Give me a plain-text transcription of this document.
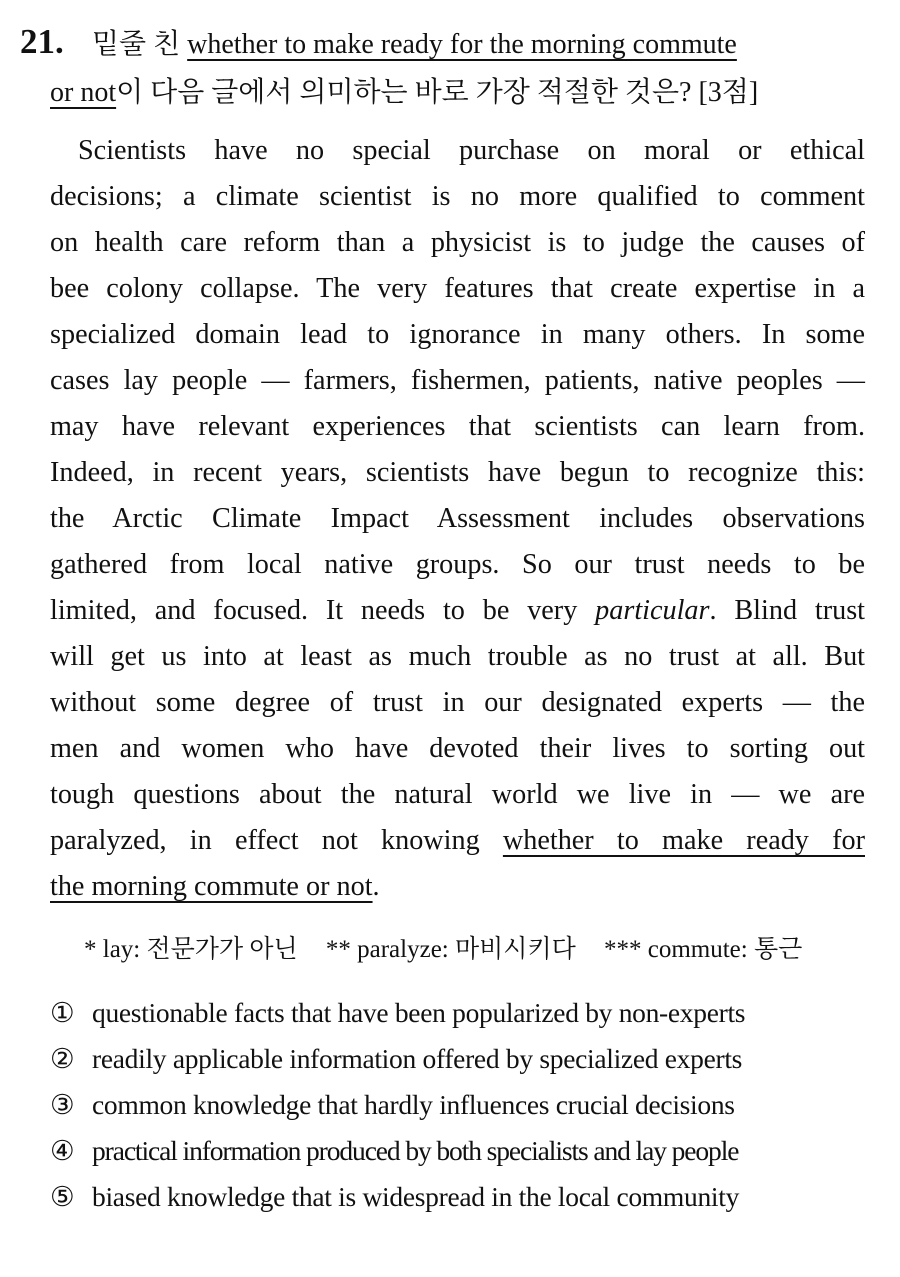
21. 밑줄 친 whether to make ready for the morning commute
or not이 다음 글에서 의미하는 바로 가장 적절한 것은? [3점]
Scientists have no special purchase on moral or ethical
decisions; a climate scientist is no more qualified to comment
on health care reform than a physicist is to judge the causes of
bee colony collapse. The very features that create expertise in a
specialized domain lead to ignorance in many others. In some
cases lay people — farmers, fishermen, patients, native peoples —
may have relevant experiences that scientists can learn from.
Indeed, in recent years, scientists have begun to recognize this:
the Arctic Climate Impact Assessment includes observations
gathered from local native groups. So our trust needs to be
limited, and focused. It needs to be very particular. Blind trust
will get us into at least as much trouble as no trust at all. But
without some degree of trust in our designated experts — the
men and women who have devoted their lives to sorting out
tough questions about the natural world we live in — we are
paralyzed, in effect not knowing whether to make ready for
the morning commute or not.
* lay: 전문가가 아닌 ** paralyze: 마비시키다 *** commute: 통근
① questionable facts that have been popularized by non-experts
② readily applicable information offered by specialized experts
③ common knowledge that hardly influences crucial decisions
④ practical information produced by both specialists and lay people
⑤ biased knowledge that is widespread in the local community
